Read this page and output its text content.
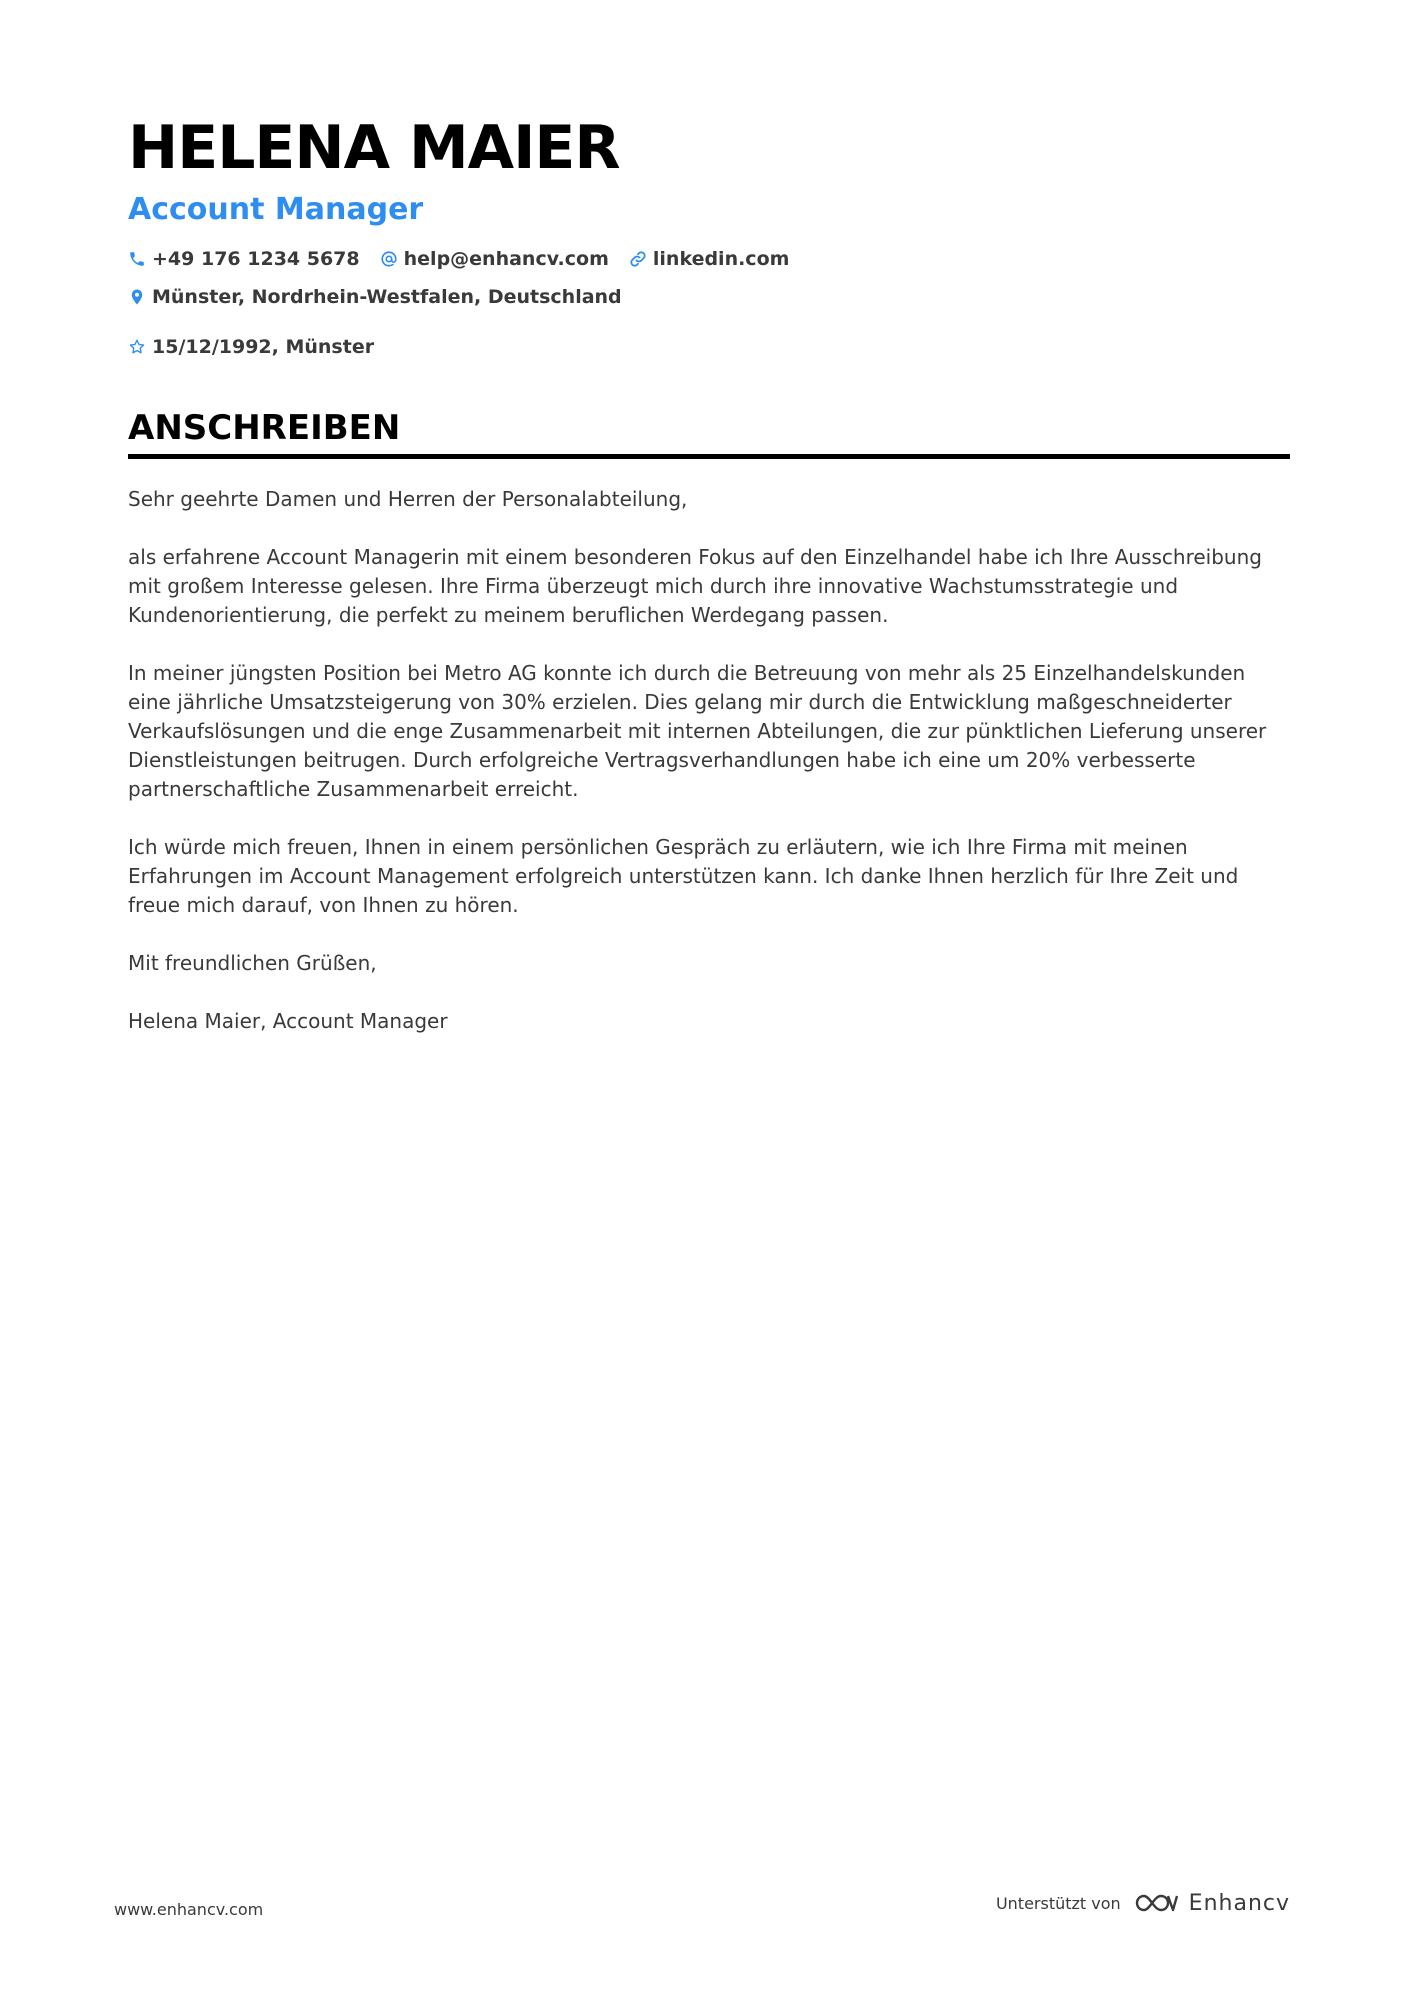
HELENA MAIER
Account Manager
+49 176 1234 5678 help@enhancv.com linkedin.com
Münster, Nordrhein-Westfalen, Deutschland
15/12/1992, Münster
ANSCHREIBEN

Sehr geehrte Damen und Herren der Personalabteilung,

als erfahrene Account Managerin mit einem besonderen Fokus auf den Einzelhandel habe ich Ihre Ausschreibung mit großem Interesse gelesen. Ihre Firma überzeugt mich durch ihre innovative Wachstumsstrategie und Kundenorientierung, die perfekt zu meinem beruflichen Werdegang passen.

In meiner jüngsten Position bei Metro AG konnte ich durch die Betreuung von mehr als 25 Einzelhandelskunden eine jährliche Umsatzsteigerung von 30% erzielen. Dies gelang mir durch die Entwicklung maßgeschneiderter Verkaufslösungen und die enge Zusammenarbeit mit internen Abteilungen, die zur pünktlichen Lieferung unserer Dienstleistungen beitrugen. Durch erfolgreiche Vertragsverhandlungen habe ich eine um 20% verbesserte partnerschaftliche Zusammenarbeit erreicht.

Ich würde mich freuen, Ihnen in einem persönlichen Gespräch zu erläutern, wie ich Ihre Firma mit meinen Erfahrungen im Account Management erfolgreich unterstützen kann. Ich danke Ihnen herzlich für Ihre Zeit und freue mich darauf, von Ihnen zu hören.

Mit freundlichen Grüßen,

Helena Maier, Account Manager

www.enhancv.com	Unterstützt von	Enhancv
